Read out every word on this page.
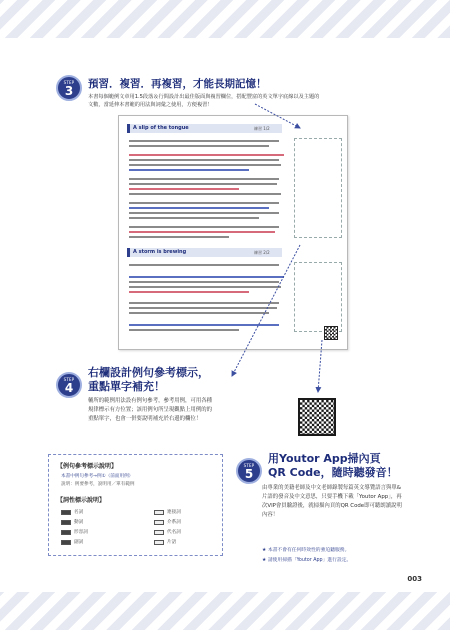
STEP
3	預習．複習．再複習，才能長期記憶！
本書每個範例文章用1.5段落＆行間設計出最佳版面與複習欄位，搭配豐富的英文單字底線以及主題的
文數，當延伸本書範的用法與詞彙之使用，方便複習！
A slip of the tongue	練習 1/2
A storm is brewing	練習 2/2
STEP
4
右欄設計例句參考標示，
重點單字補充！
輔所的範例用法設有例句參考，參考用例，可用各種規律標示有方位置；該用例句所呈現觀點上用例的的重點單字，也會一併要說明補充於右邊的欄位！
【例句參考標示說明】
本書中例句參考→例①（前面用例）
說明：例要參考，說明用／單有範例
【詞性標示說明】
名詞
動詞
形容詞
副詞
連接詞
介系詞
代名詞
片語
STEP
5
用Youtor App掃內頁
QR Code，隨時聽發音！
由專業的美籍老師及中文老師錄製每篇英文導覽語言與單&片語的發音及中文意思，只要手機下載「Youtor App」，再次VIP會員驗證後，就掃描內頁的QR Code即可聽朗讀說明內容！
★ 本書不會有任何時效性的強迫聽服務。
★ 請使用掃描「Youtor App」進行設定。
003
